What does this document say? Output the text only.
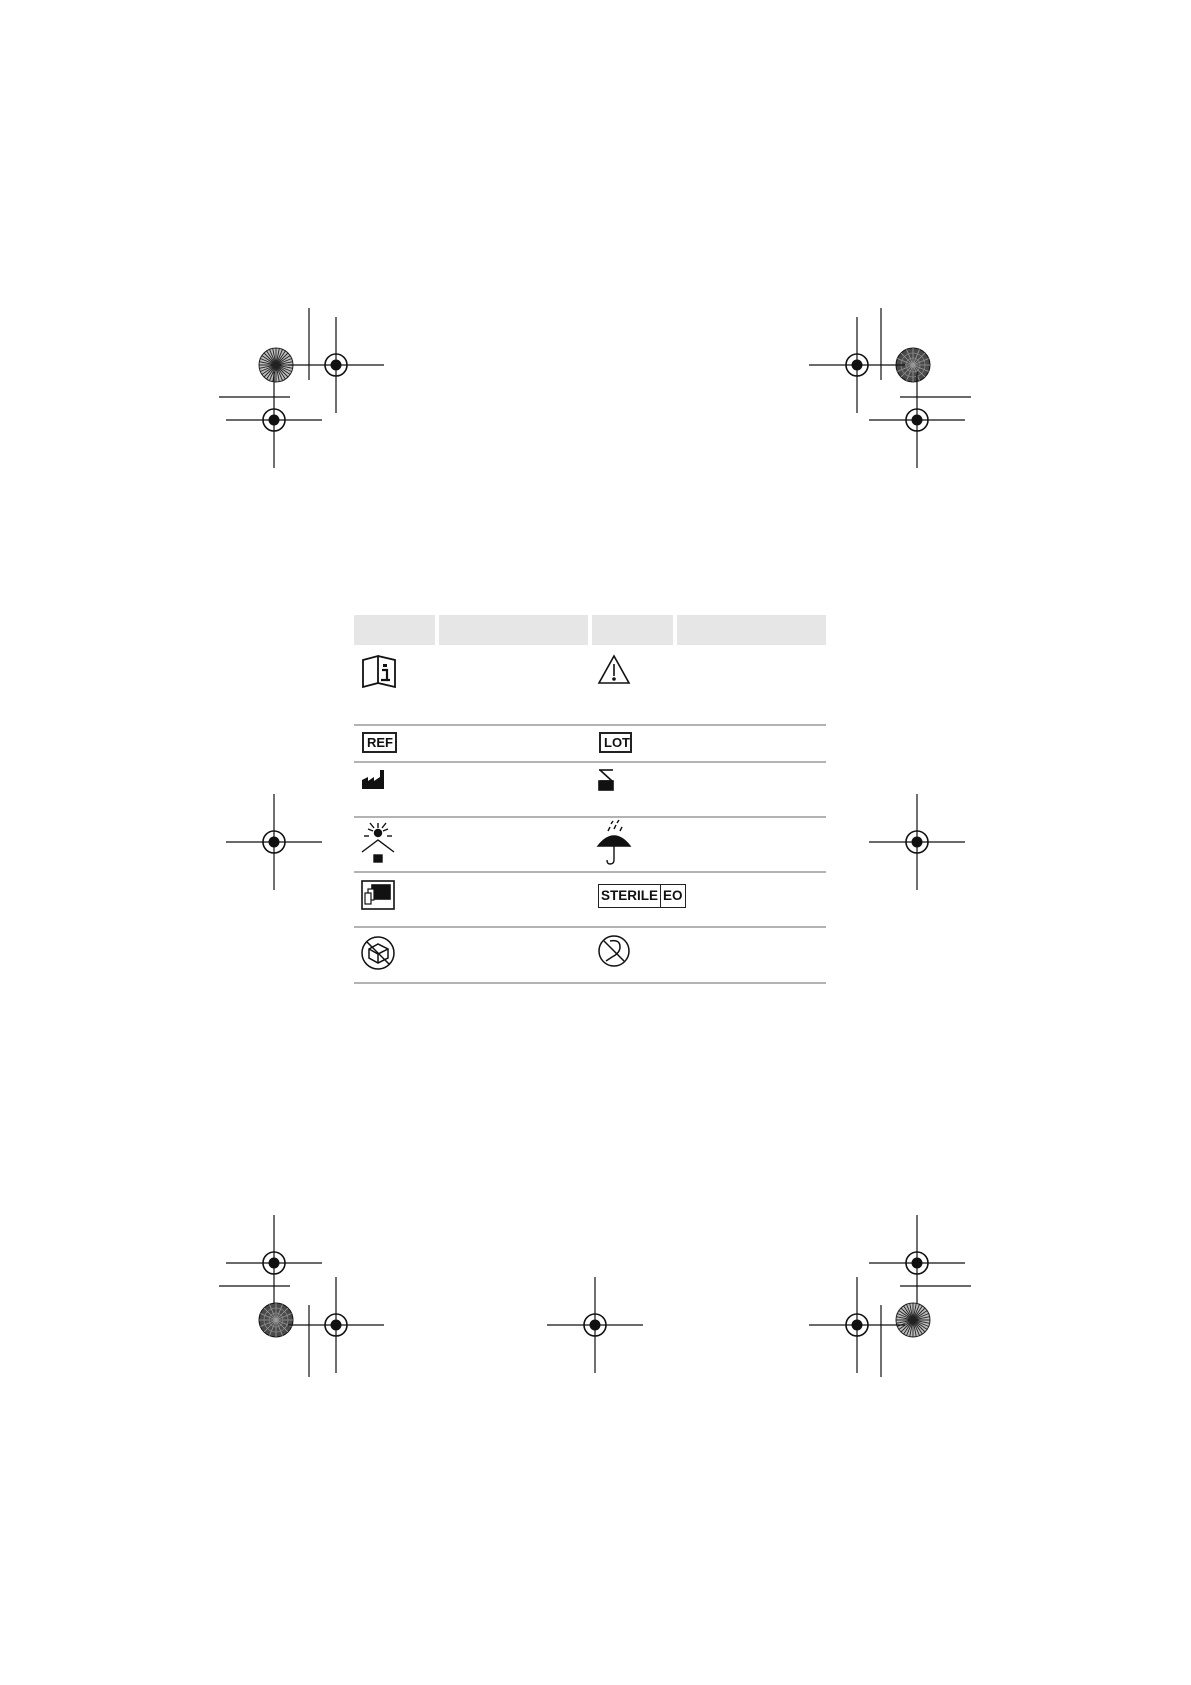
REF	LOT
STERILE EO
